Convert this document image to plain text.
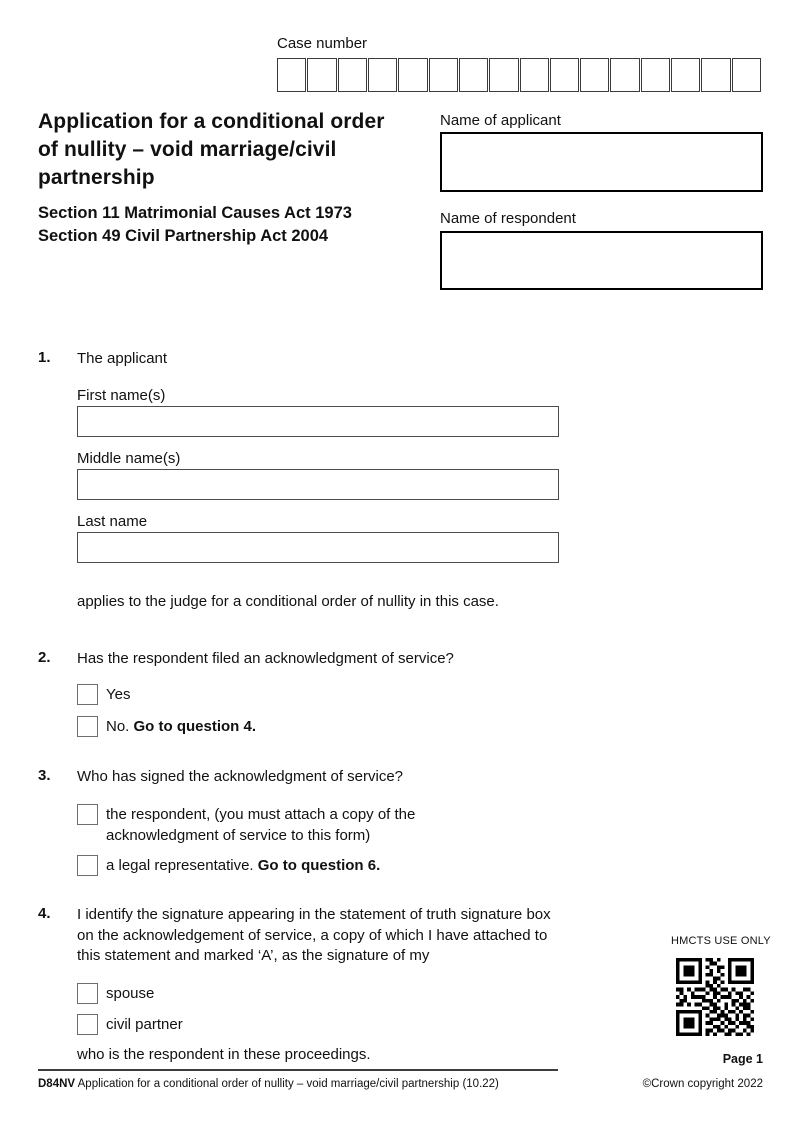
Case number
Application for a conditional order
of nullity – void marriage/civil
partnership
Section 11 Matrimonial Causes Act 1973
Section 49 Civil Partnership Act 2004
Name of applicant
Name of respondent
1. The applicant
First name(s)
Middle name(s)
Last name
applies to the judge for a conditional order of nullity in this case.
2. Has the respondent filed an acknowledgment of service?
Yes
No. Go to question 4.
3. Who has signed the acknowledgment of service?
the respondent, (you must attach a copy of the acknowledgment of service to this form)
a legal representative. Go to question 6.
4. I identify the signature appearing in the statement of truth signature box on the acknowledgement of service, a copy of which I have attached to this statement and marked ‘A’, as the signature of my
spouse
civil partner
who is the respondent in these proceedings.
HMCTS USE ONLY
Page 1
D84NV Application for a conditional order of nullity – void marriage/civil partnership (10.22)	©Crown copyright 2022
